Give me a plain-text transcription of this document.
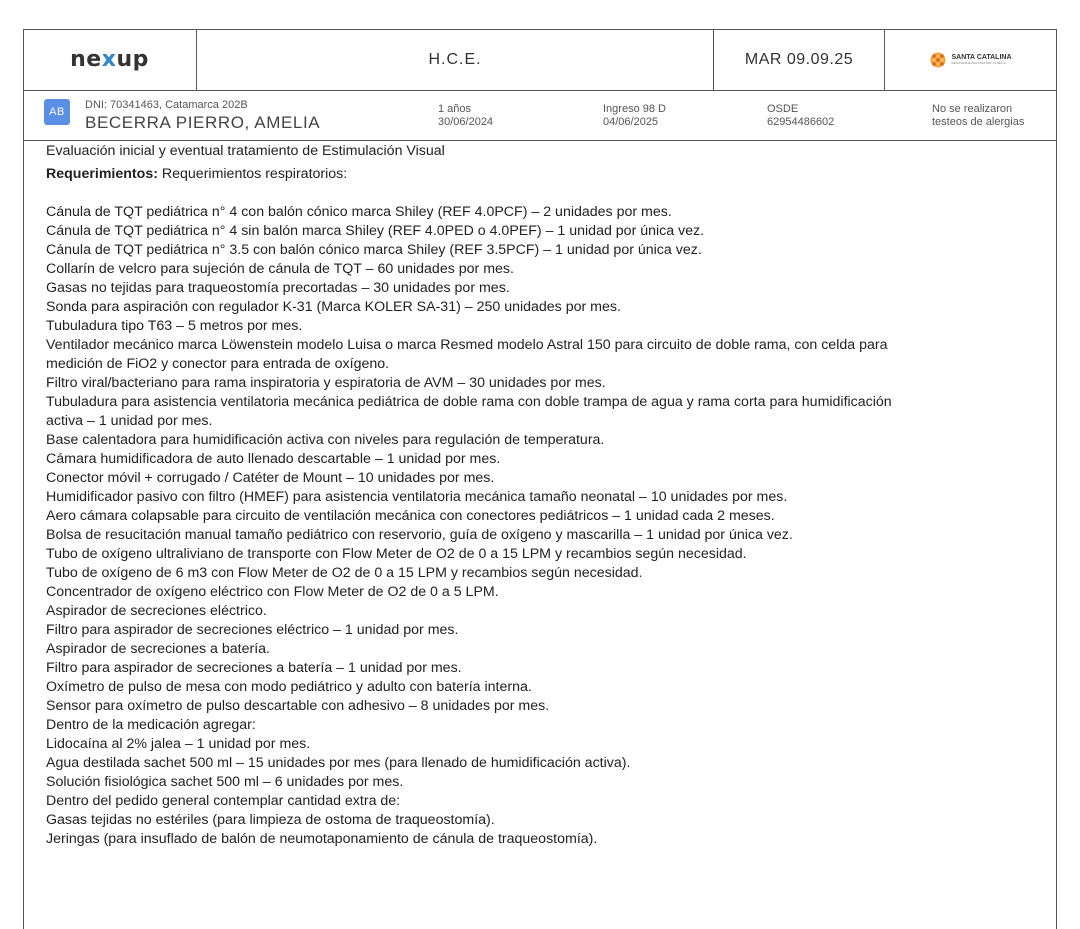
nexup	H.C.E.	MAR 09.09.25	SANTA CATALINA
NEUROREHABILITACIÓN CLÍNICA
AB
DNI: 70341463, Catamarca 202B
BECERRA PIERRO, AMELIA
1 años
30/06/2024
Ingreso 98 D
04/06/2025
OSDE
62954486602
No se realizaron
testeos de alergias

Evaluación inicial y eventual tratamiento de Estimulación Visual

Requerimientos: Requerimientos respiratorios:

Cánula de TQT pediátrica n° 4 con balón cónico marca Shiley (REF 4.0PCF) – 2 unidades por mes.

Cánula de TQT pediátrica n° 4 sin balón marca Shiley (REF 4.0PED o 4.0PEF) – 1 unidad por única vez.

Cánula de TQT pediátrica n° 3.5 con balón cónico marca Shiley (REF 3.5PCF) – 1 unidad por única vez.

Collarín de velcro para sujeción de cánula de TQT – 60 unidades por mes.

Gasas no tejidas para traqueostomía precortadas – 30 unidades por mes.

Sonda para aspiración con regulador K-31 (Marca KOLER SA-31) – 250 unidades por mes.

Tubuladura tipo T63 – 5 metros por mes.

Ventilador mecánico marca Löwenstein modelo Luisa o marca Resmed modelo Astral 150 para circuito de doble rama, con celda para

medición de FiO2 y conector para entrada de oxígeno.

Filtro viral/bacteriano para rama inspiratoria y espiratoria de AVM – 30 unidades por mes.

Tubuladura para asistencia ventilatoria mecánica pediátrica de doble rama con doble trampa de agua y rama corta para humidificación

activa – 1 unidad por mes.

Base calentadora para humidificación activa con niveles para regulación de temperatura.

Cámara humidificadora de auto llenado descartable – 1 unidad por mes.

Conector móvil + corrugado / Catéter de Mount – 10 unidades por mes.

Humidificador pasivo con filtro (HMEF) para asistencia ventilatoria mecánica tamaño neonatal – 10 unidades por mes.

Aero cámara colapsable para circuito de ventilación mecánica con conectores pediátricos – 1 unidad cada 2 meses.

Bolsa de resucitación manual tamaño pediátrico con reservorio, guía de oxígeno y mascarilla – 1 unidad por única vez.

Tubo de oxígeno ultraliviano de transporte con Flow Meter de O2 de 0 a 15 LPM y recambios según necesidad.

Tubo de oxígeno de 6 m3 con Flow Meter de O2 de 0 a 15 LPM y recambios según necesidad.

Concentrador de oxígeno eléctrico con Flow Meter de O2 de 0 a 5 LPM.

Aspirador de secreciones eléctrico.

Filtro para aspirador de secreciones eléctrico – 1 unidad por mes.

Aspirador de secreciones a batería.

Filtro para aspirador de secreciones a batería – 1 unidad por mes.

Oxímetro de pulso de mesa con modo pediátrico y adulto con batería interna.

Sensor para oxímetro de pulso descartable con adhesivo – 8 unidades por mes.

Dentro de la medicación agregar:

Lidocaína al 2% jalea – 1 unidad por mes.

Agua destilada sachet 500 ml – 15 unidades por mes (para llenado de humidificación activa).

Solución fisiológica sachet 500 ml – 6 unidades por mes.

Dentro del pedido general contemplar cantidad extra de:

Gasas tejidas no estériles (para limpieza de ostoma de traqueostomía).

Jeringas (para insuflado de balón de neumotaponamiento de cánula de traqueostomía).
